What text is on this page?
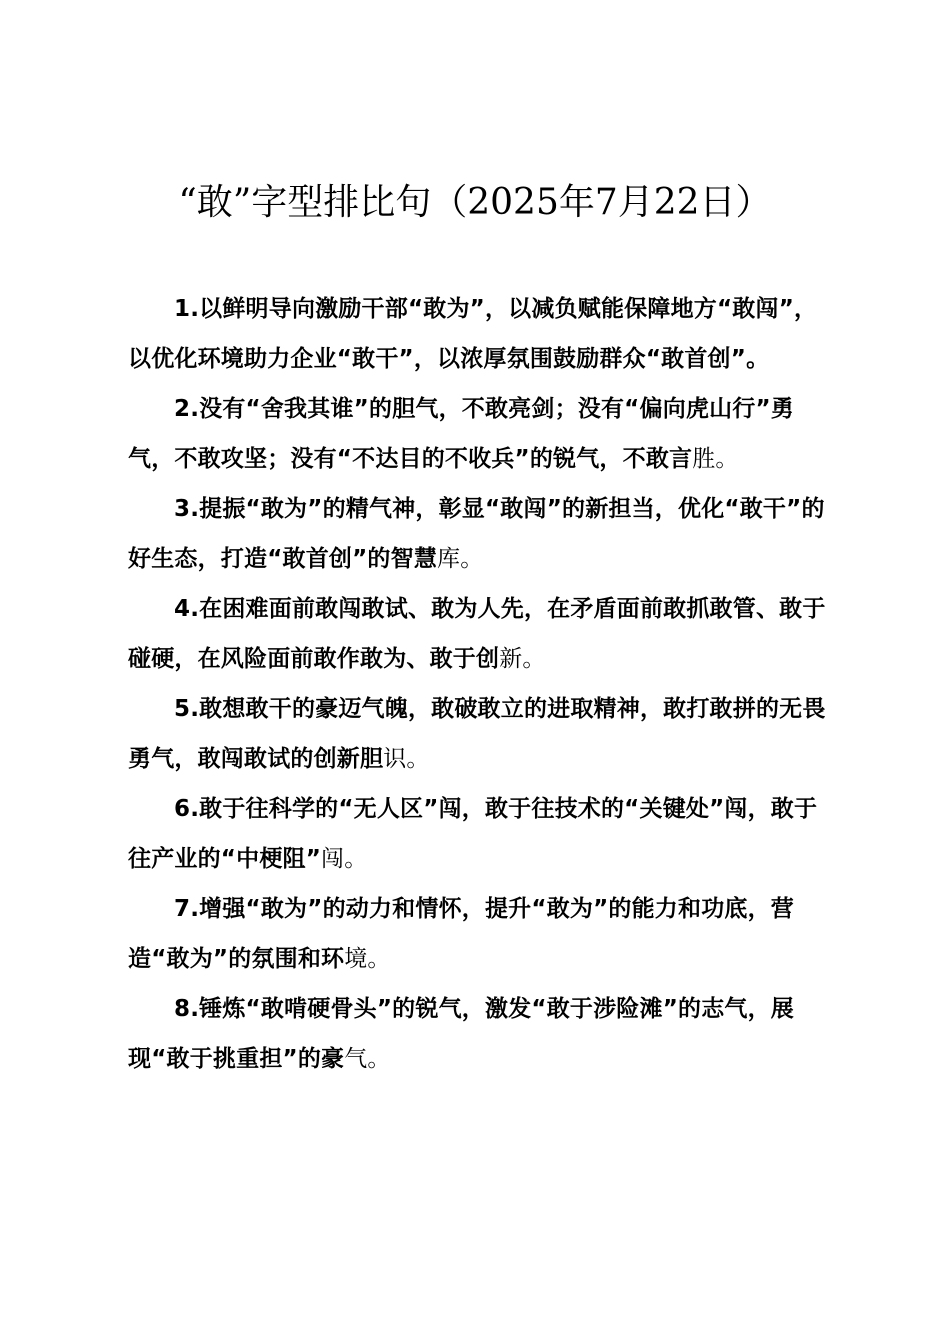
“敢”字型排比句（2025年7月22日）

1.以鲜明导向激励干部“敢为”，以减负赋能保障地方“敢闯”，以优化环境助力企业“敢干”，以浓厚氛围鼓励群众“敢首创”。

2.没有“舍我其谁”的胆气，不敢亮剑；没有“偏向虎山行”勇气，不敢攻坚；没有“不达目的不收兵”的锐气，不敢言胜。

3.提振“敢为”的精气神，彰显“敢闯”的新担当，优化“敢干”的好生态，打造“敢首创”的智慧库。

4.在困难面前敢闯敢试、敢为人先，在矛盾面前敢抓敢管、敢于碰硬，在风险面前敢作敢为、敢于创新。

5.敢想敢干的豪迈气魄，敢破敢立的进取精神，敢打敢拼的无畏勇气，敢闯敢试的创新胆识。

6.敢于往科学的“无人区”闯，敢于往技术的“关键处”闯，敢于往产业的“中梗阻”闯。

7.增强“敢为”的动力和情怀，提升“敢为”的能力和功底，营造“敢为”的氛围和环境。

8.锤炼“敢啃硬骨头”的锐气，激发“敢于涉险滩”的志气，展现“敢于挑重担”的豪气。
